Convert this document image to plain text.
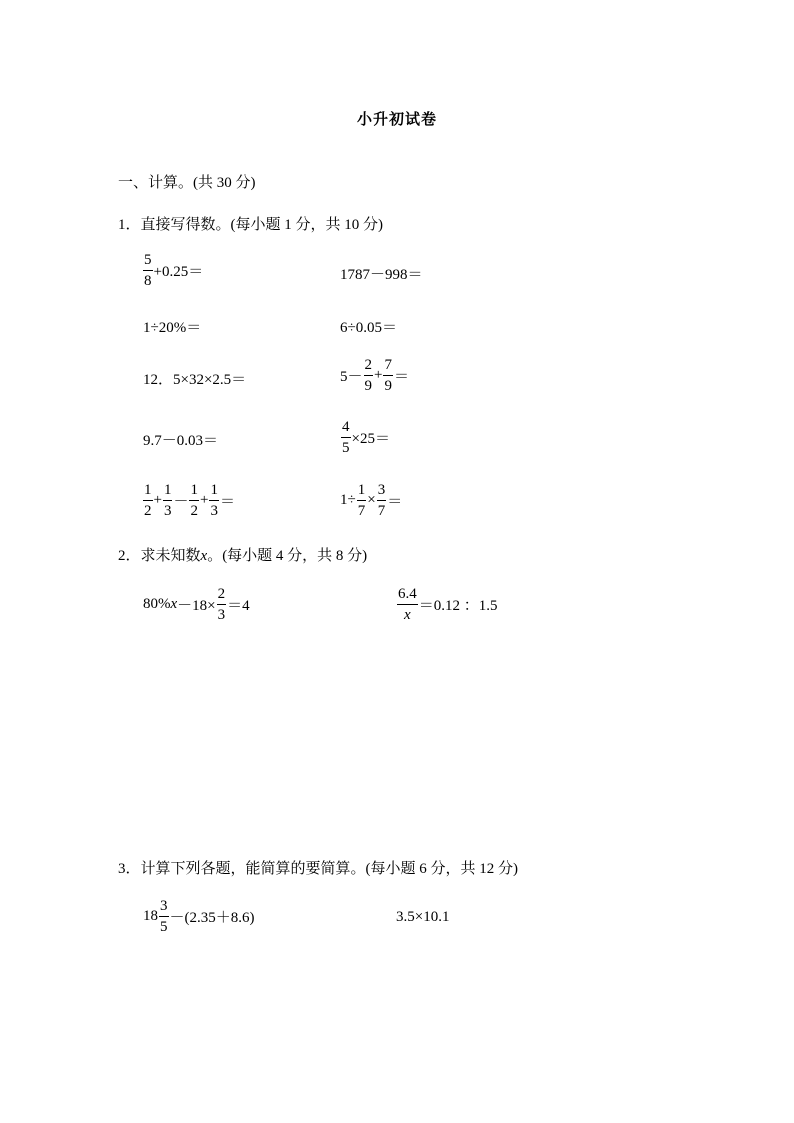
小升初试卷
一、计算。(共 30 分)
1．直接写得数。(每小题 1 分，共 10 分)
$\frac{5}{8} +0.25=$	1787－998＝
1÷20%＝	6÷0.05＝
12．5×32×2.5＝	$5- \frac{2}{9} + \frac{7}{9}$ ＝
9.7－0.03＝	$\frac{4}{5} \times 25=$
$\frac{1}{2} + \frac{1}{3} - \frac{1}{2} + \frac{1}{3}$ ＝	$1\div \frac{1}{7} \times \frac{3}{7}$ ＝
2．求未知数x。(每小题 4 分，共 8 分)
80% $x -18\times \frac{2}{3} =4$	$\frac{6.4}{x} =0.12$ ：1.5
3．计算下列各题，能简算的要简算。(每小题 6 分，共 12 分)
$18 \frac{3}{5} -(2.35+8.6)$	3.5×10.1
